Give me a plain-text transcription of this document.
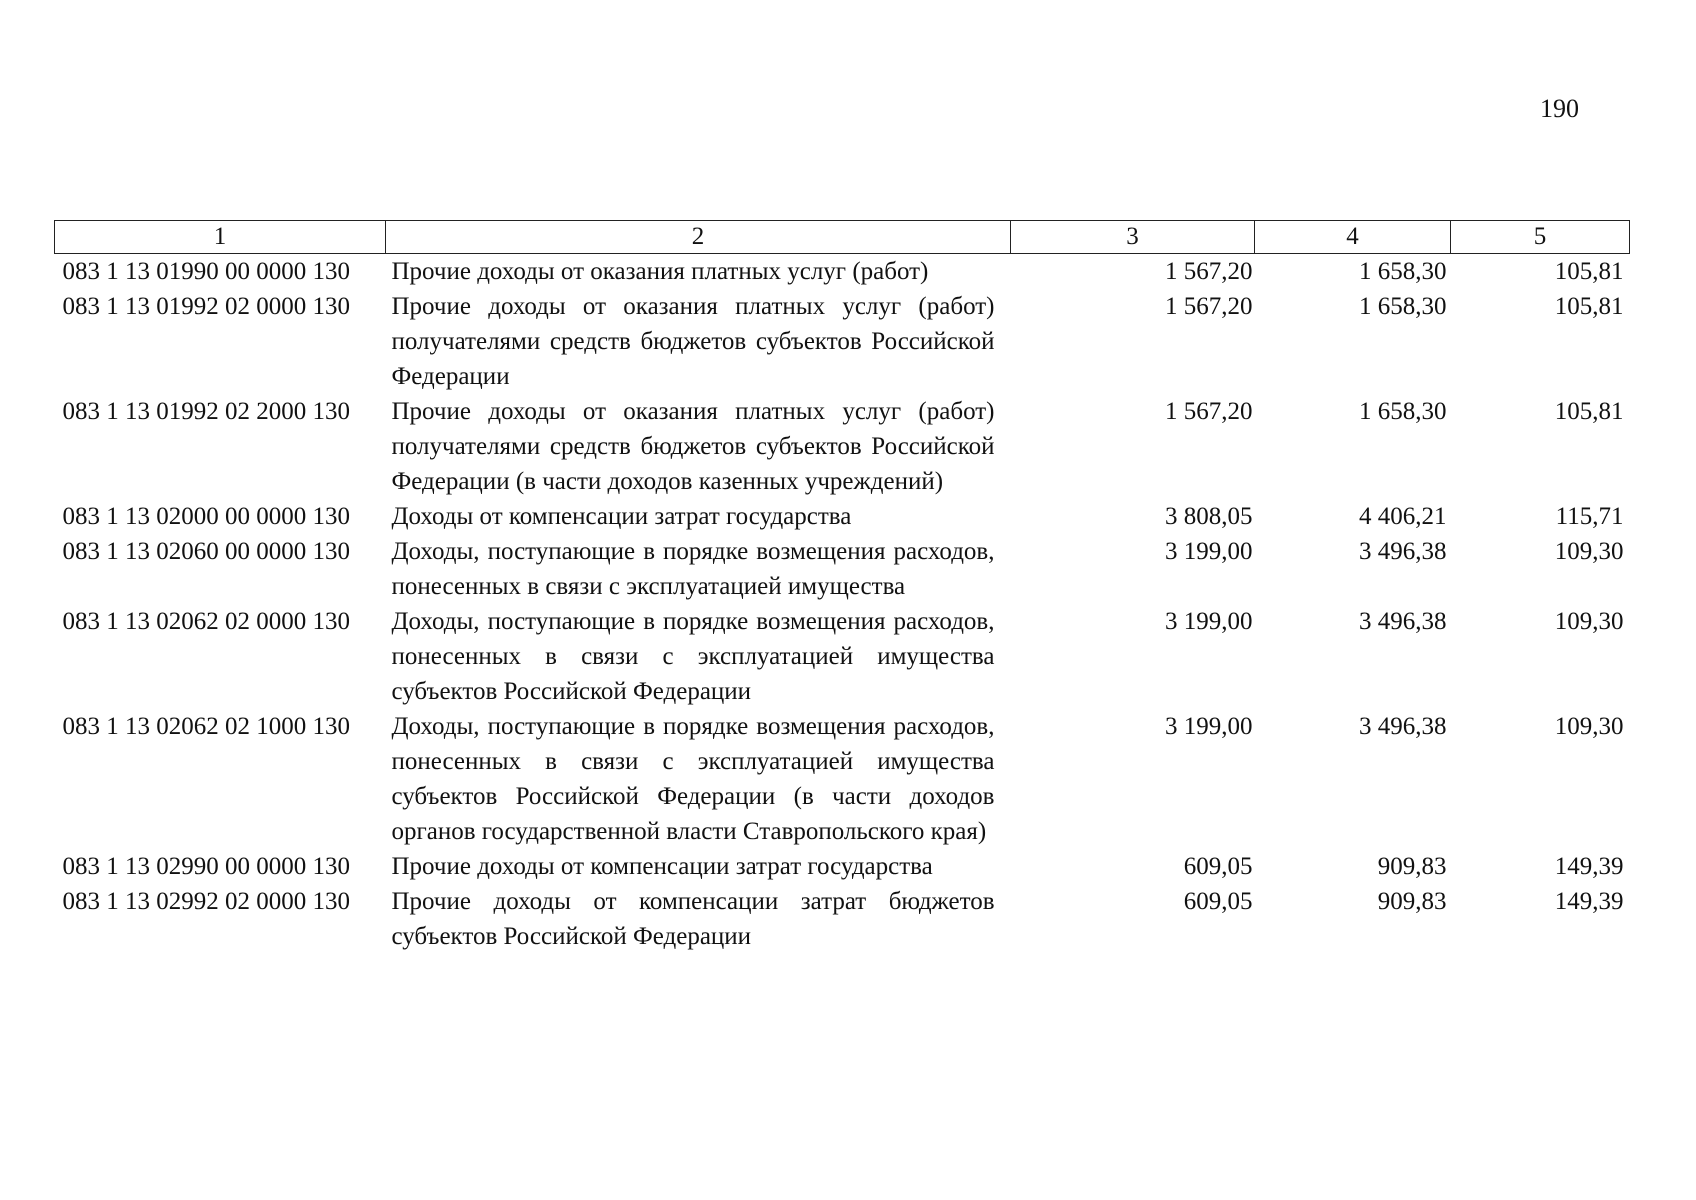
190
1	2	3	4	5
083 1 13 01990 00 0000 130	Прочие доходы от оказания платных услуг (работ)	1 567,20	1 658,30	105,81
083 1 13 01992 02 0000 130	Прочие доходы от оказания платных услуг (работ) получателями средств бюджетов субъектов Российской Федерации	1 567,20	1 658,30	105,81
083 1 13 01992 02 2000 130	Прочие доходы от оказания платных услуг (работ) получателями средств бюджетов субъектов Российской Федерации (в части доходов казенных учреждений)	1 567,20	1 658,30	105,81
083 1 13 02000 00 0000 130	Доходы от компенсации затрат государства	3 808,05	4 406,21	115,71
083 1 13 02060 00 0000 130	Доходы, поступающие в порядке возмещения расходов, понесенных в связи с эксплуатацией имущества	3 199,00	3 496,38	109,30
083 1 13 02062 02 0000 130	Доходы, поступающие в порядке возмещения расходов, понесенных в связи с эксплуатацией имущества субъектов Российской Федерации	3 199,00	3 496,38	109,30
083 1 13 02062 02 1000 130	Доходы, поступающие в порядке возмещения расходов, понесенных в связи с эксплуатацией имущества субъектов Российской Федерации (в части доходов органов государственной власти Ставропольского края)	3 199,00	3 496,38	109,30
083 1 13 02990 00 0000 130	Прочие доходы от компенсации затрат государства	609,05	909,83	149,39
083 1 13 02992 02 0000 130	Прочие доходы от компенсации затрат бюджетов субъектов Российской Федерации	609,05	909,83	149,39
